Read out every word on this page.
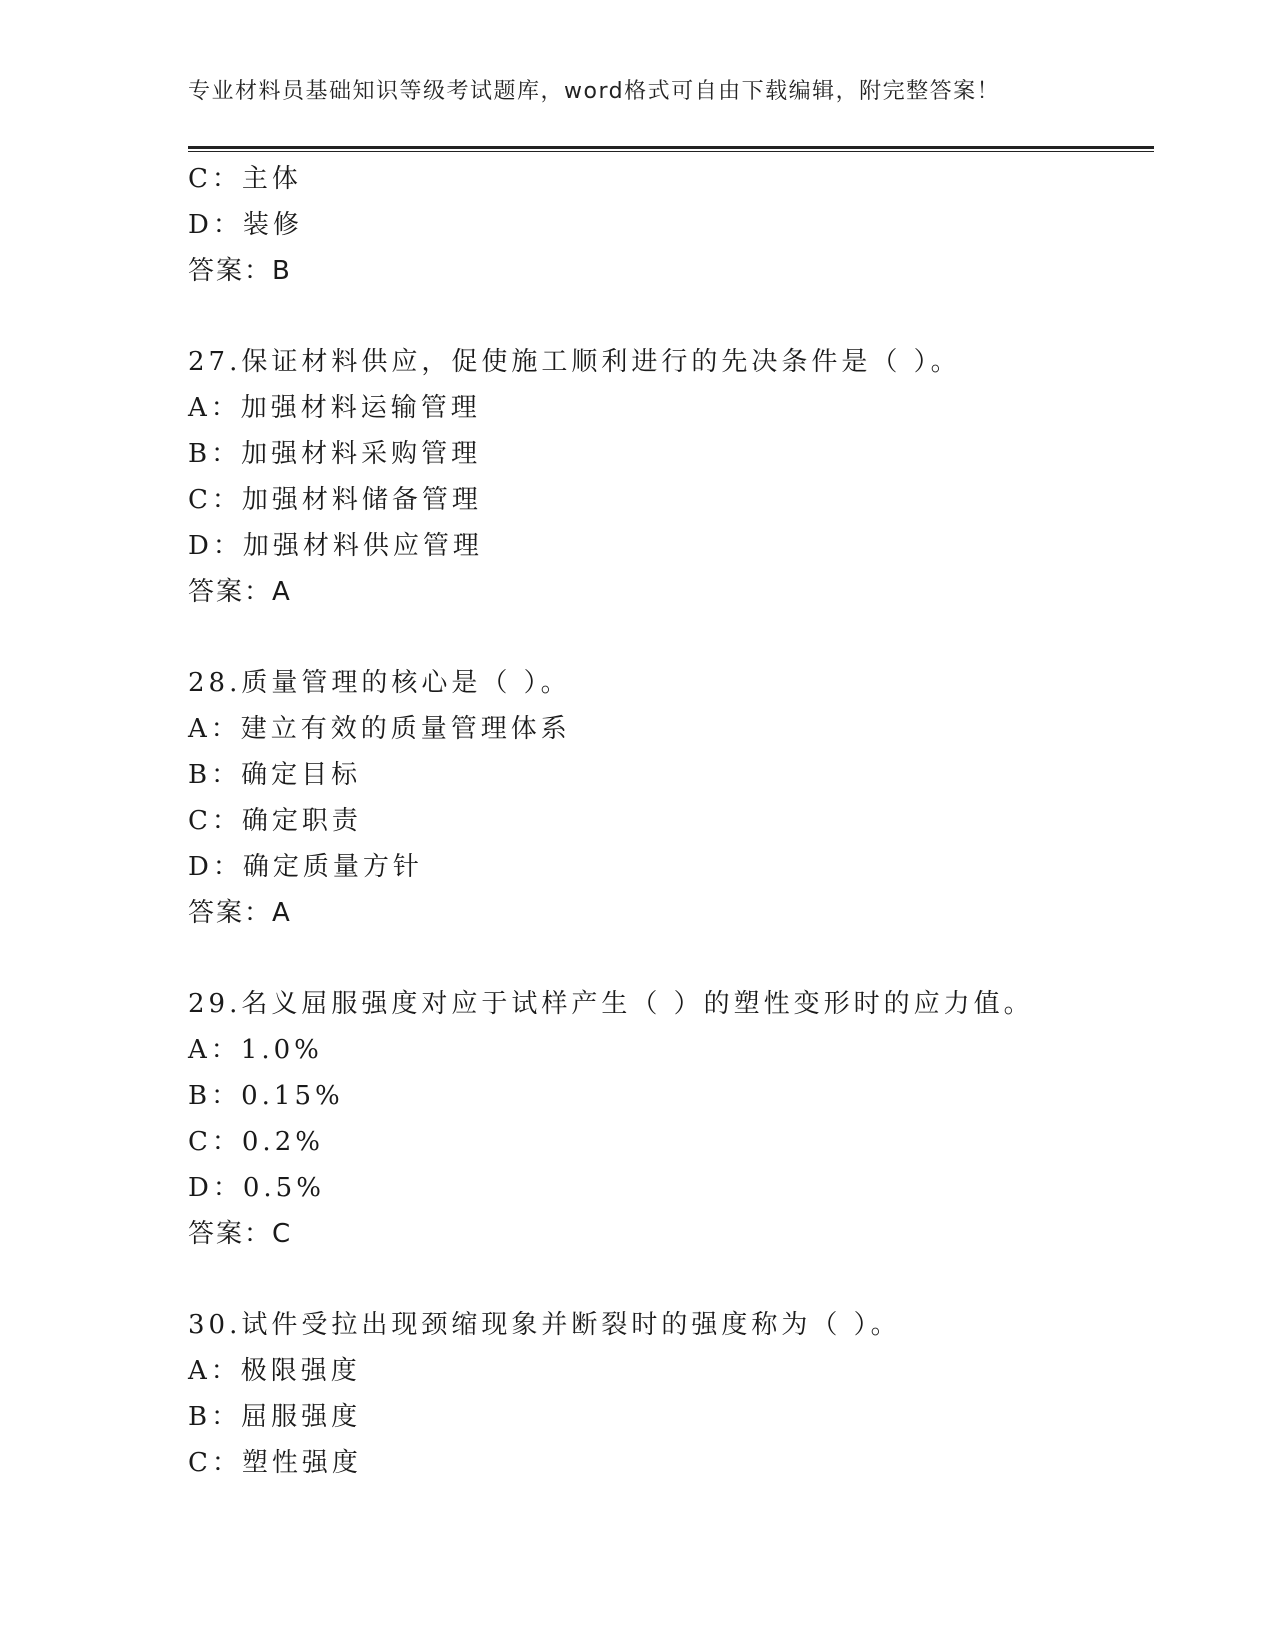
专业材料员基础知识等级考试题库，word格式可自由下载编辑，附完整答案！
C：主体
D：装修
答案：B
27.保证材料供应，促使施工顺利进行的先决条件是（ ）。
A：加强材料运输管理
B：加强材料采购管理
C：加强材料储备管理
D：加强材料供应管理
答案：A
28.质量管理的核心是（ ）。
A：建立有效的质量管理体系
B：确定目标
C：确定职责
D：确定质量方针
答案：A
29.名义屈服强度对应于试样产生（ ）的塑性变形时的应力值。
A：1.0%
B：0.15%
C：0.2%
D：0.5%
答案：C
30.试件受拉出现颈缩现象并断裂时的强度称为（ ）。
A：极限强度
B：屈服强度
C：塑性强度
